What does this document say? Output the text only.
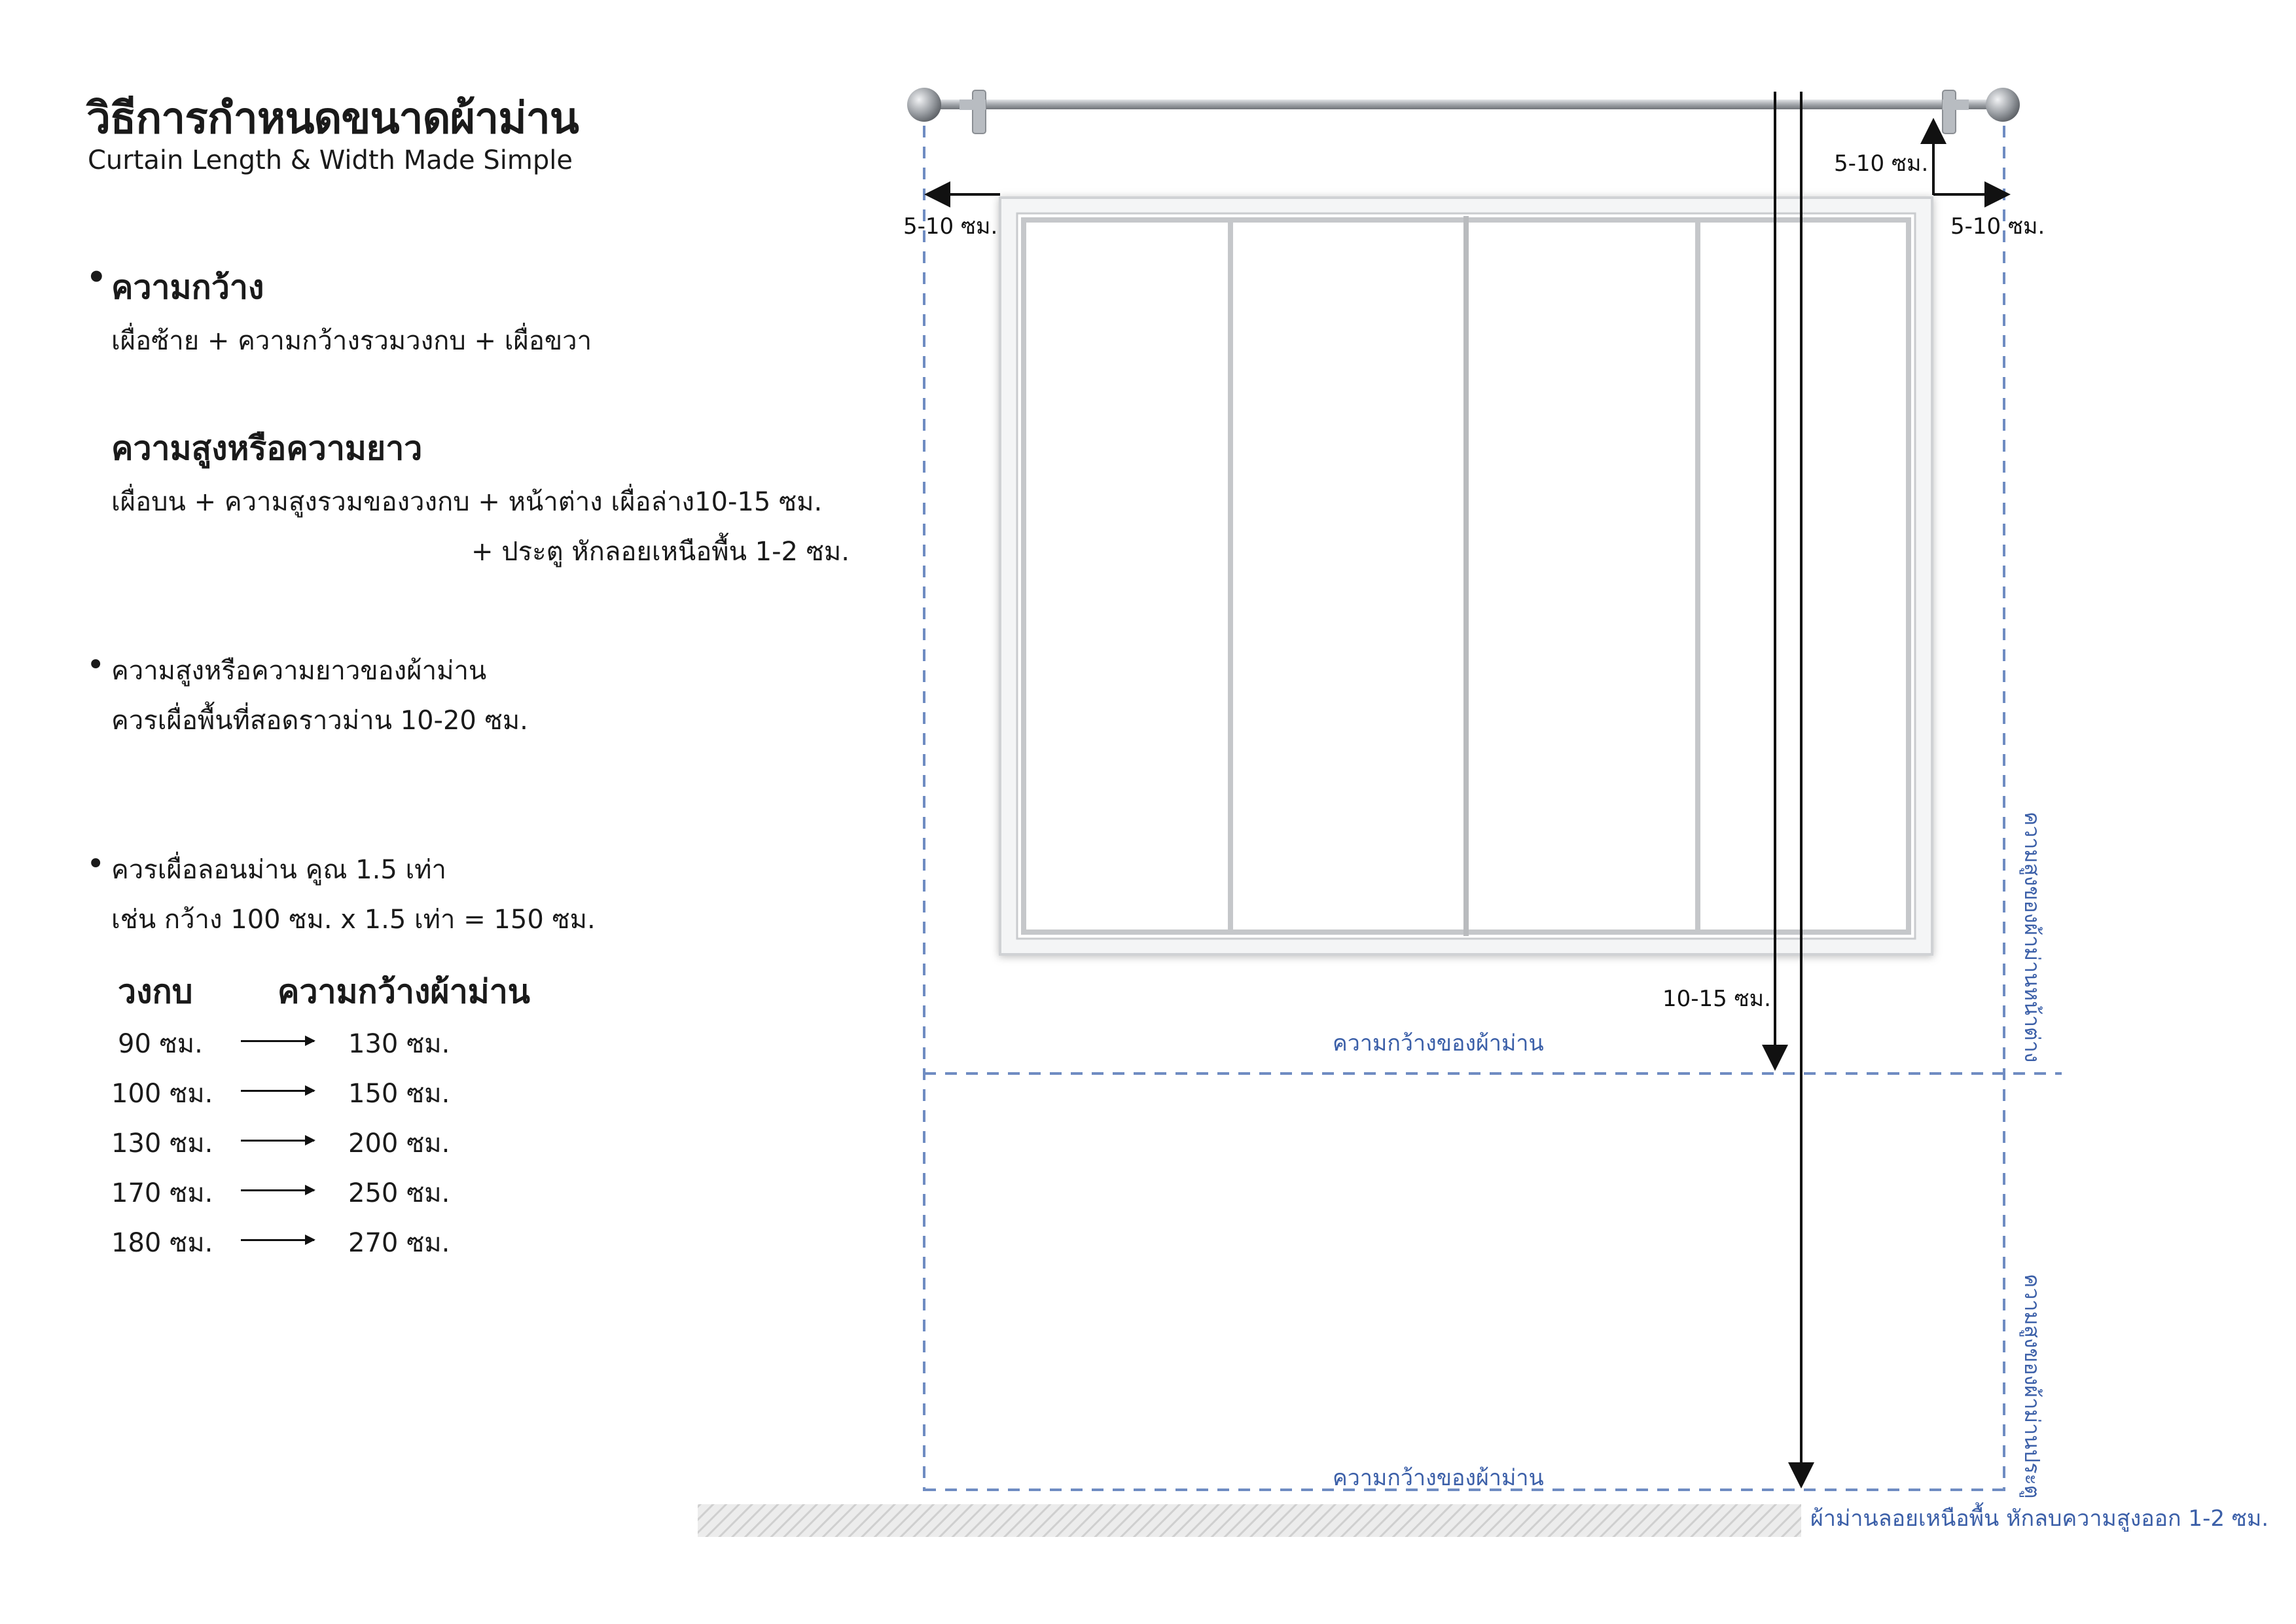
วิธีการกำหนดขนาดผ้าม่าน
Curtain Length & Width Made Simple
• ความกว้าง
เผื่อซ้าย + ความกว้างรวมวงกบ + เผื่อขวา
ความสูงหรือความยาว
เผื่อบน + ความสูงรวมของวงกบ + หน้าต่าง เผื่อล่าง10-15 ซม.
+ ประตู หักลอยเหนือพื้น 1-2 ซม.
• ความสูงหรือความยาวของผ้าม่าน
ควรเผื่อพื้นที่สอดราวม่าน 10-20 ซม.
• ควรเผื่อลอนม่าน คูณ 1.5 เท่า
เช่น กว้าง 100 ซม. x 1.5 เท่า = 150 ซม.
วงกบ	ความกว้างผ้าม่าน
90 ซม.	130 ซม.
100 ซม.	150 ซม.
130 ซม.	200 ซม.
170 ซม.	250 ซม.
180 ซม.	270 ซม.
5-10 ซม.
5-10 ซม.
5-10 ซม.
10-15 ซม.
ความกว้างของผ้าม่าน
ความกว้างของผ้าม่าน
ความสูงของผ้าม่านหน้าต่าง
ความสูงของผ้าม่านประตู
ผ้าม่านลอยเหนือพื้น หักลบความสูงออก 1-2 ซม.
